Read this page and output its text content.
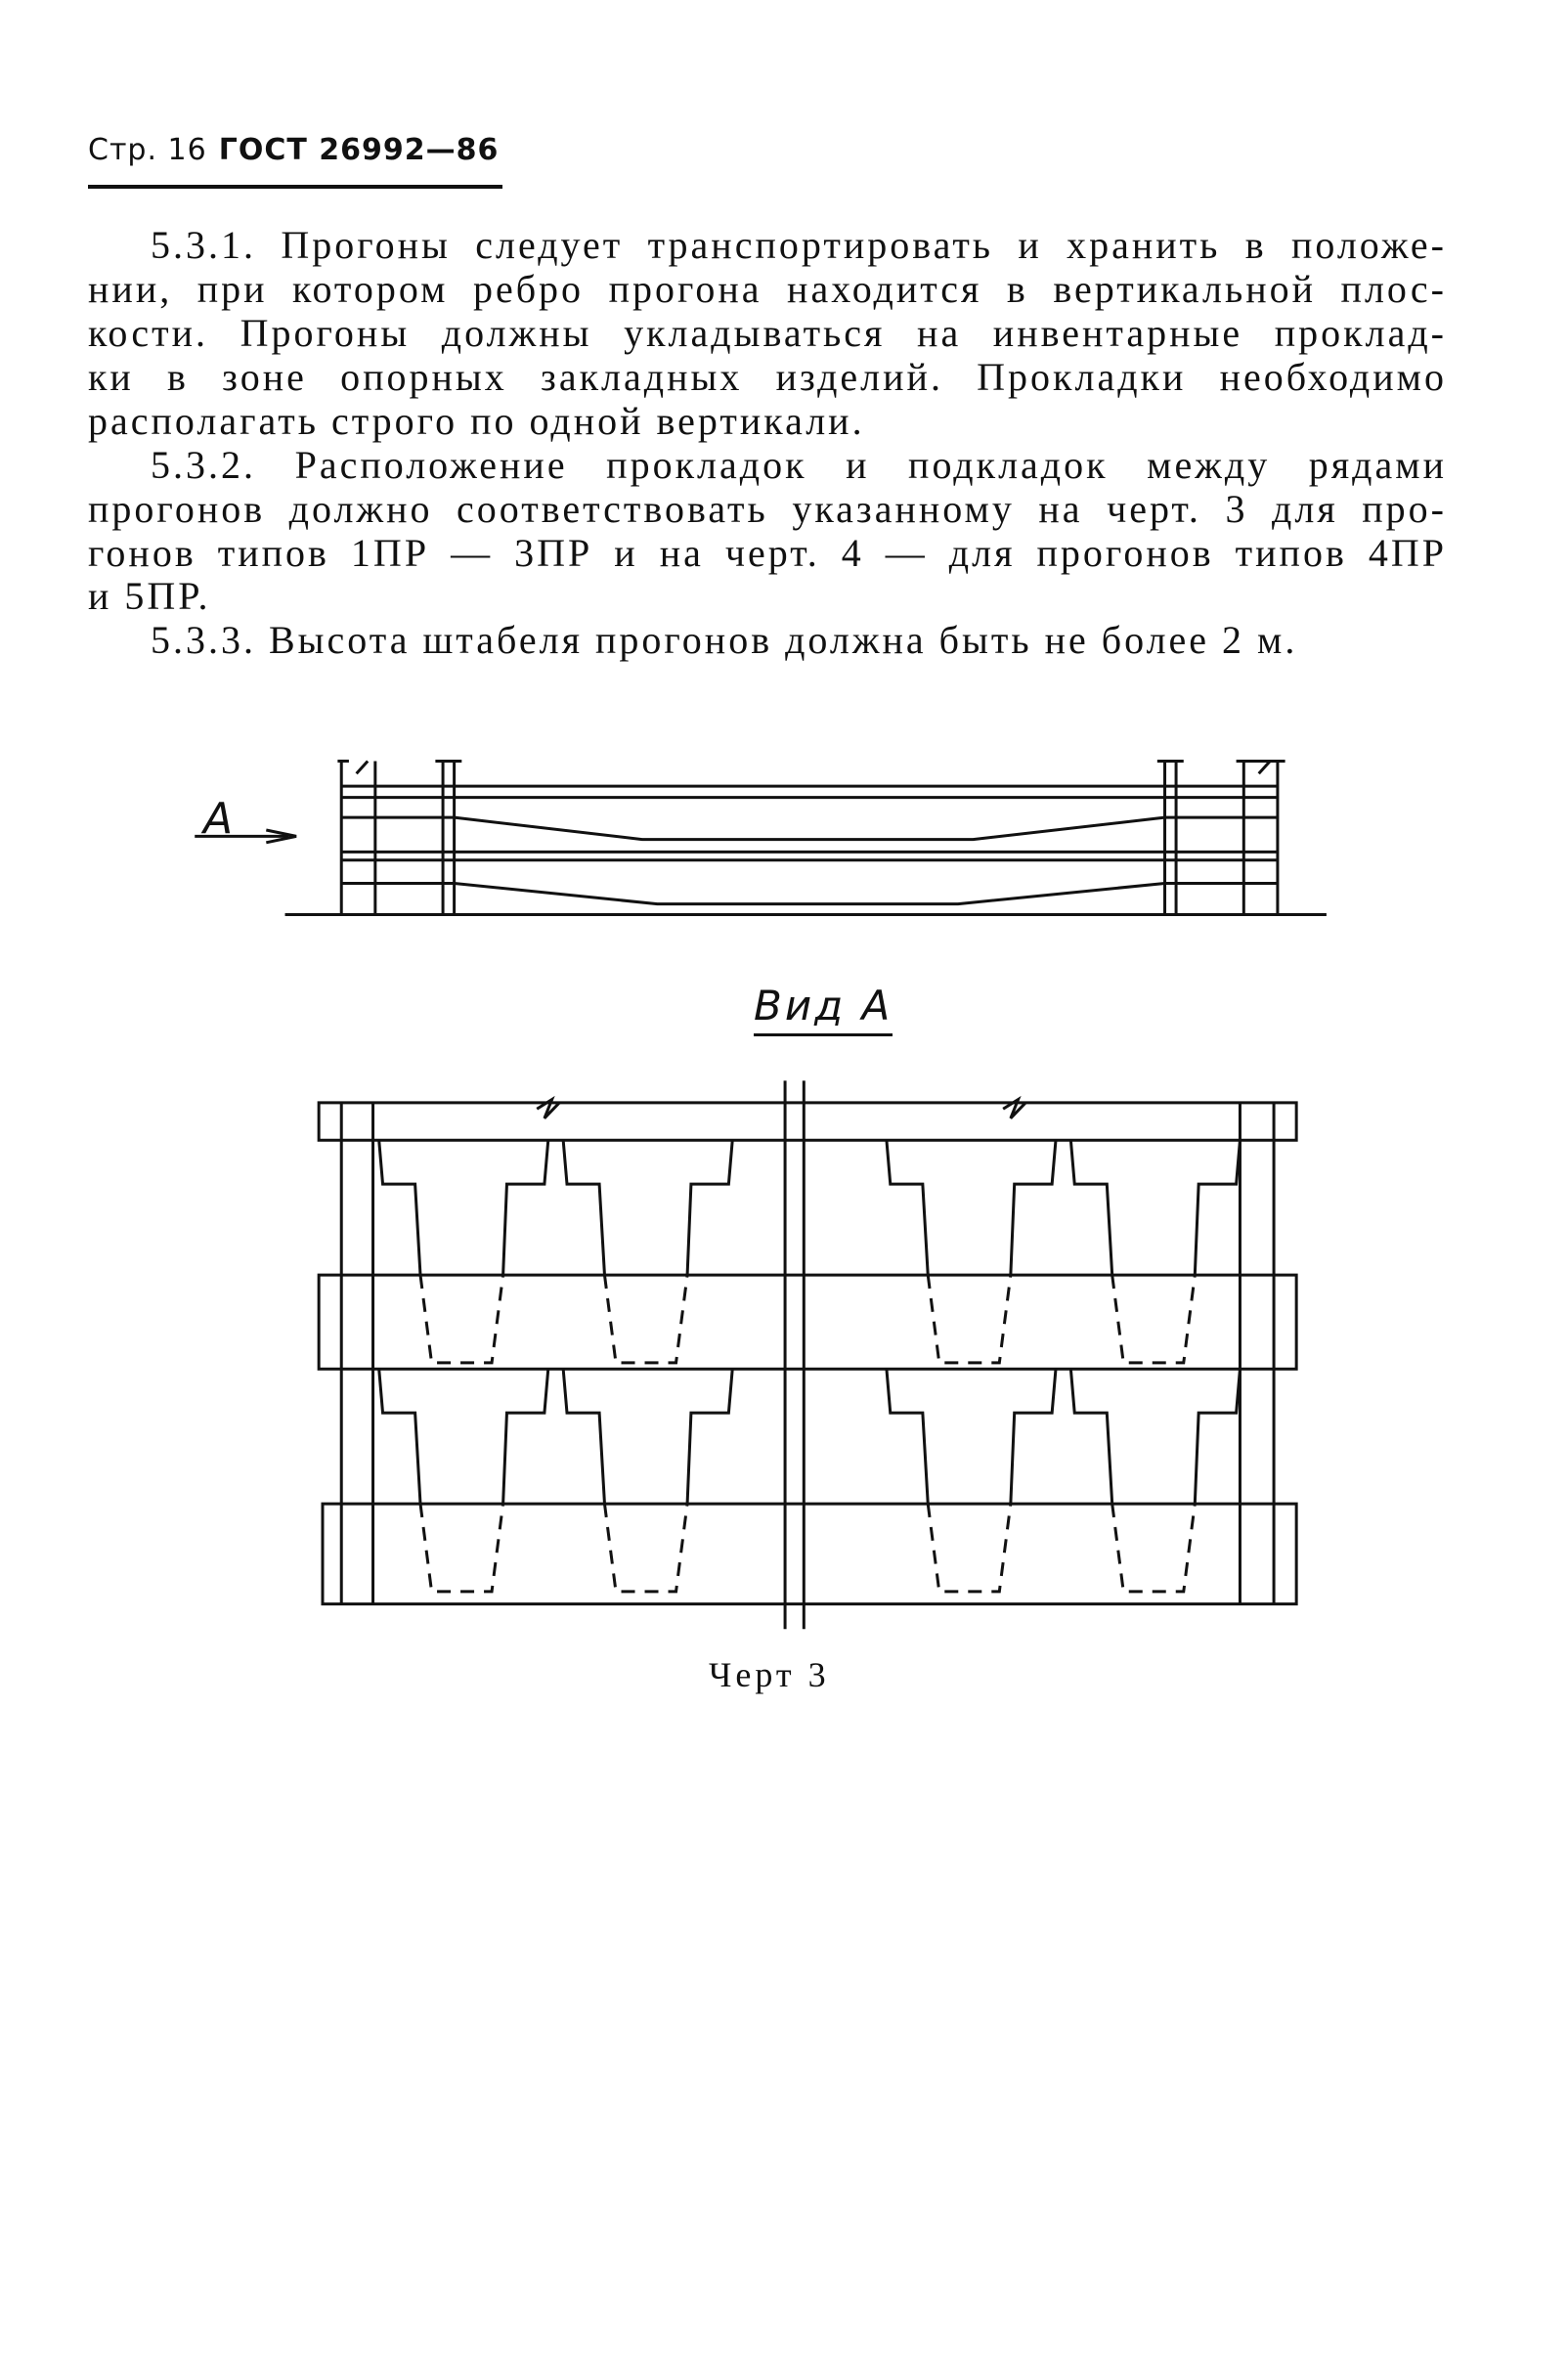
Стр. 16 ГОСТ 26992—86
5.3.1. Прогоны следует транспортировать и хранить в положе-
нии, при котором ребро прогона находится в вертикальной плос-
кости. Прогоны должны укладываться на инвентарные проклад-
ки в зоне опорных закладных изделий. Прокладки необходимо
располагать строго по одной вертикали.
5.3.2. Расположение прокладок и подкладок между рядами
прогонов должно соответствовать указанному на черт. 3 для про-
гонов типов 1ПР — 3ПР и на черт. 4 — для прогонов типов 4ПР
и 5ПР.
5.3.3. Высота штабеля прогонов должна быть не более 2 м.
А
Вид А
Черт 3
